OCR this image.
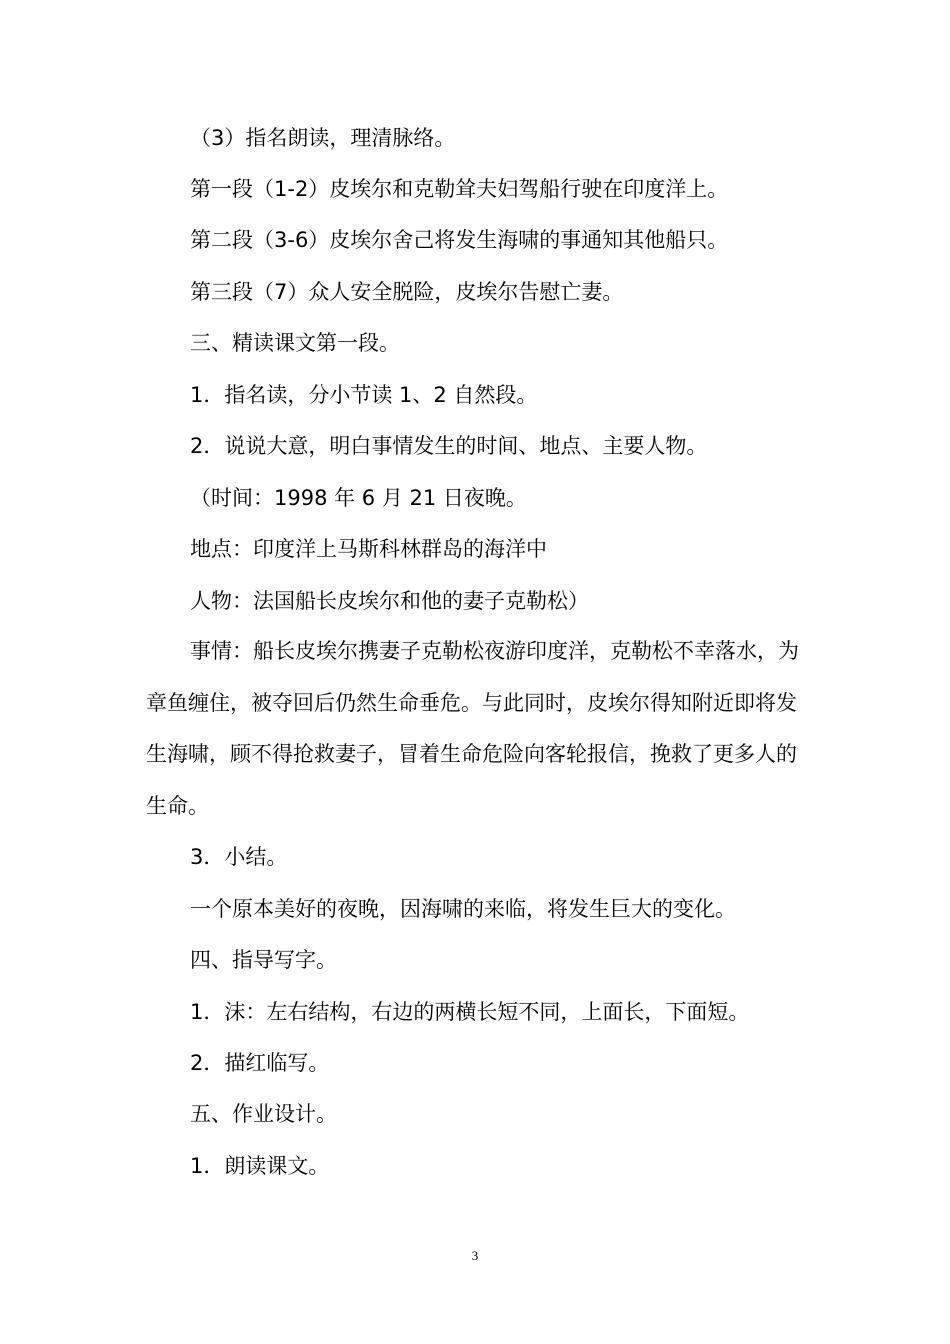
（3）指名朗读，理清脉络。
第一段（1-2）皮埃尔和克勒耸夫妇驾船行驶在印度洋上。
第二段（3-6）皮埃尔舍己将发生海啸的事通知其他船只。
第三段（7）众人安全脱险，皮埃尔告慰亡妻。
三、精读课文第一段。
1．指名读，分小节读 1、2 自然段。
2．说说大意，明白事情发生的时间、地点、主要人物。
（时间：1998 年 6 月 21 日夜晚。
地点：印度洋上马斯科林群岛的海洋中
人物：法国船长皮埃尔和他的妻子克勒松）
事情：船长皮埃尔携妻子克勒松夜游印度洋，克勒松不幸落水，为章鱼缠住，被夺回后仍然生命垂危。与此同时，皮埃尔得知附近即将发生海啸，顾不得抢救妻子，冒着生命危险向客轮报信，挽救了更多人的生命。
3．小结。
一个原本美好的夜晚，因海啸的来临，将发生巨大的变化。
四、指导写字。
1．沫：左右结构，右边的两横长短不同，上面长，下面短。
2．描红临写。
五、作业设计。
1．朗读课文。
3
